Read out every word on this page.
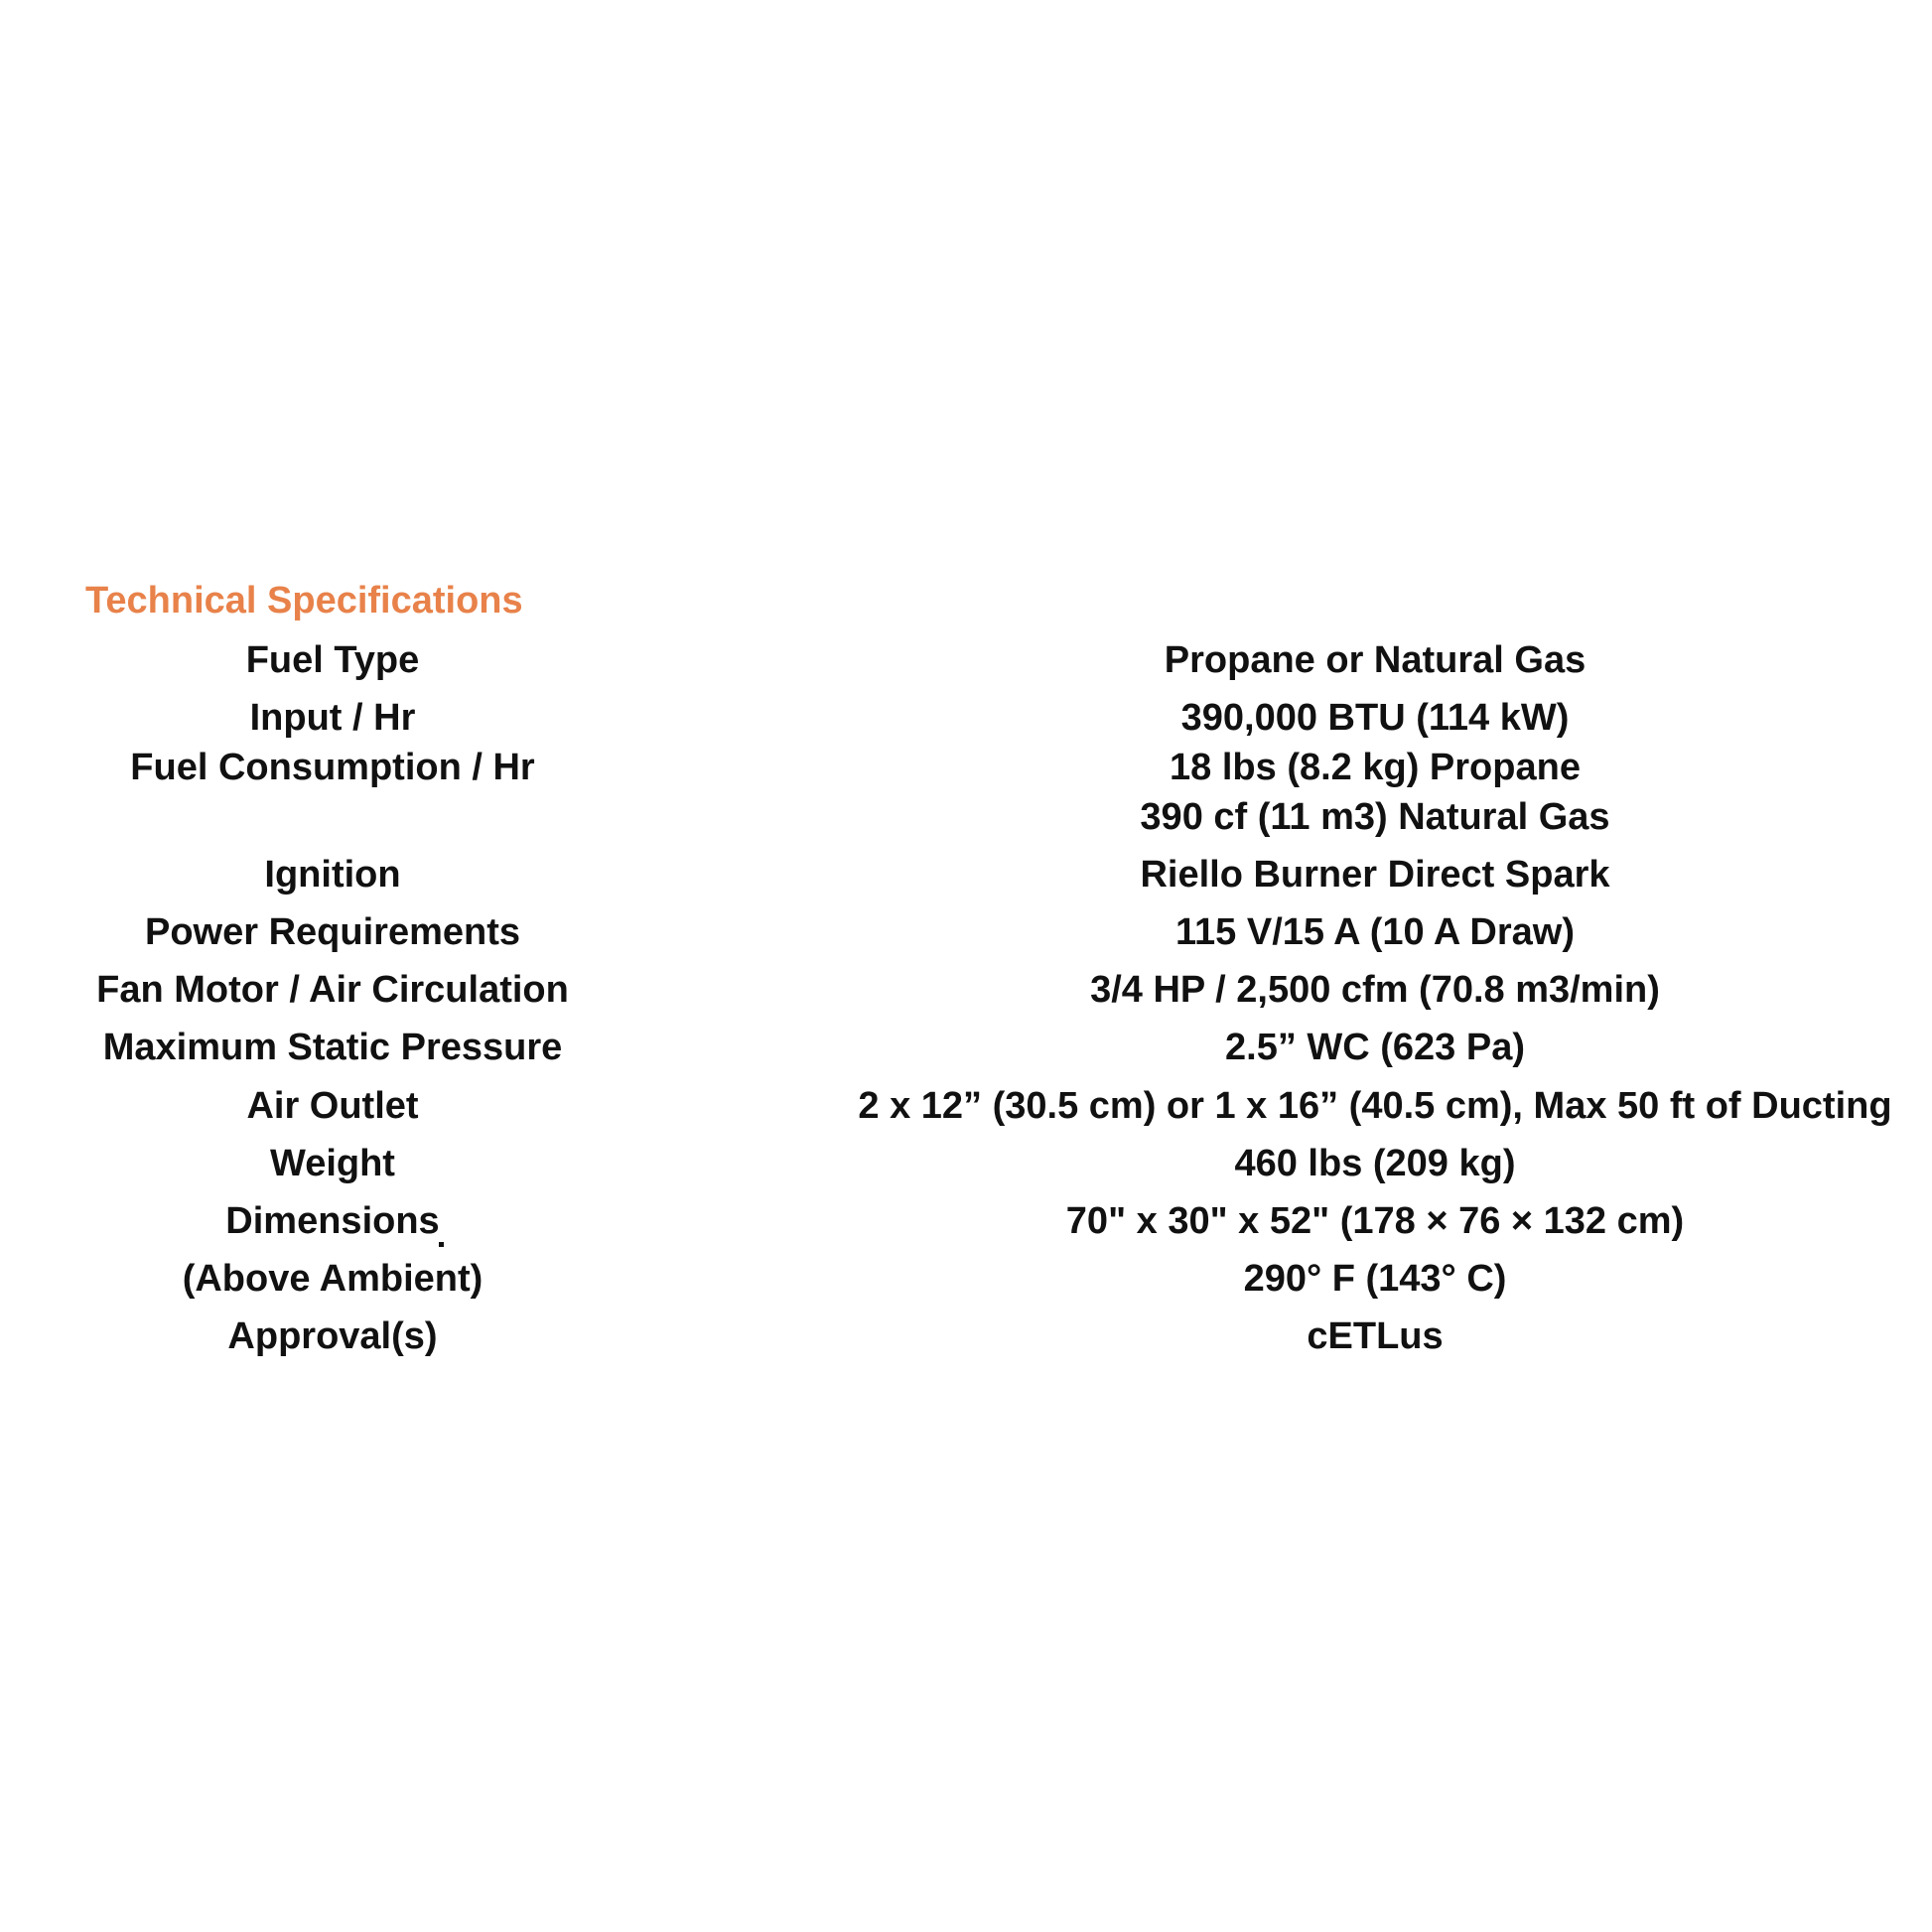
Technical Specifications
Fuel Type	Propane or Natural Gas
Input / Hr	390,000 BTU (114 kW)
Fuel Consumption / Hr	18 lbs (8.2 kg) Propane
390 cf (11 m3) Natural Gas
Ignition	Riello Burner Direct Spark
Power Requirements	115 V/15 A (10 A Draw)
Fan Motor / Air Circulation	3/4 HP / 2,500 cfm (70.8 m3/min)
Maximum Static Pressure	2.5” WC (623 Pa)
Air Outlet	2 x 12” (30.5 cm) or 1 x 16” (40.5 cm), Max 50 ft of Ducting
Weight	460 lbs (209 kg)
Dimensions	70" x 30" x 52" (178 × 76 × 132 cm)
(Above Ambient)	290° F (143° C)
Approval(s)	cETLus
